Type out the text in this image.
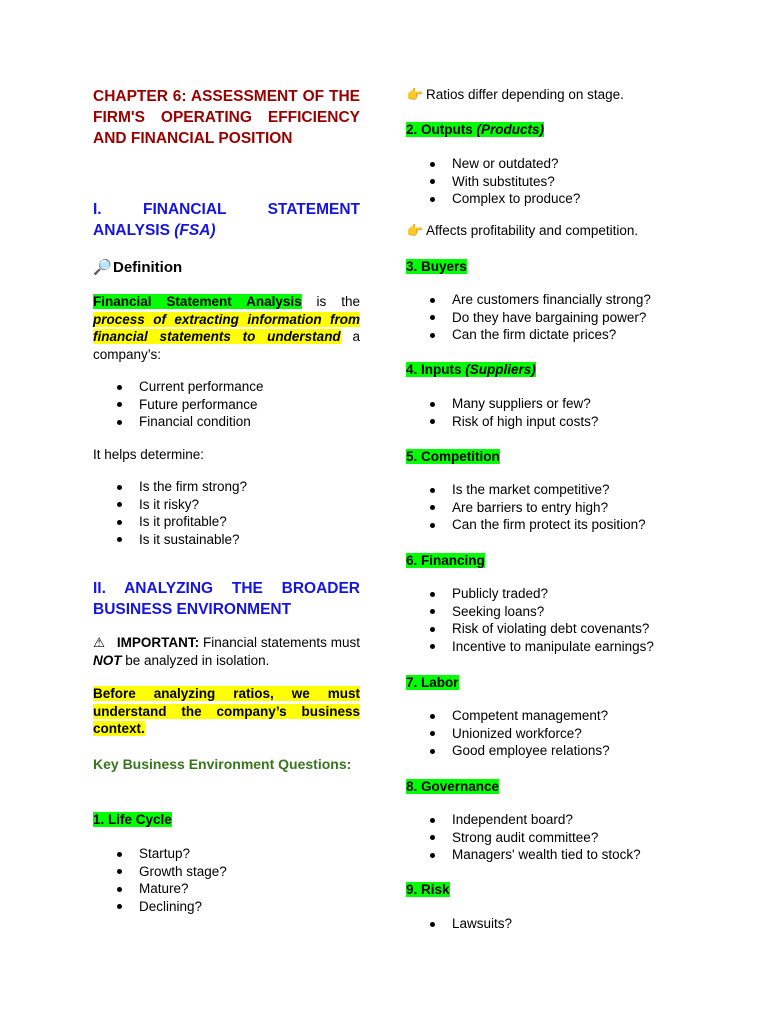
CHAPTER 6: ASSESSMENT OF THE FIRM'S OPERATING EFFICIENCY AND FINANCIAL POSITION
I. FINANCIAL STATEMENT ANALYSIS (FSA)
🔎Definition

Financial Statement Analysis is the process of extracting information from financial statements to understand a company’s:

Current performance
Future performance
Financial condition

It helps determine:

Is the firm strong?
Is it risky?
Is it profitable?
Is it sustainable?
II. ANALYZING THE BROADER BUSINESS ENVIRONMENT

⚠ IMPORTANT: Financial statements must NOT be analyzed in isolation.

Before analyzing ratios, we must understand the company’s business context.

Key Business Environment Questions:

1. Life Cycle

Startup?
Growth stage?
Mature?
Declining?

👉 Ratios differ depending on stage.

2. Outputs (Products)

New or outdated?
With substitutes?
Complex to produce?

👉 Affects profitability and competition.

3. Buyers

Are customers financially strong?
Do they have bargaining power?
Can the firm dictate prices?

4. Inputs (Suppliers)

Many suppliers or few?
Risk of high input costs?

5. Competition

Is the market competitive?
Are barriers to entry high?
Can the firm protect its position?

6. Financing

Publicly traded?
Seeking loans?
Risk of violating debt covenants?
Incentive to manipulate earnings?

7. Labor

Competent management?
Unionized workforce?
Good employee relations?

8. Governance

Independent board?
Strong audit committee?
Managers' wealth tied to stock?

9. Risk

Lawsuits?
